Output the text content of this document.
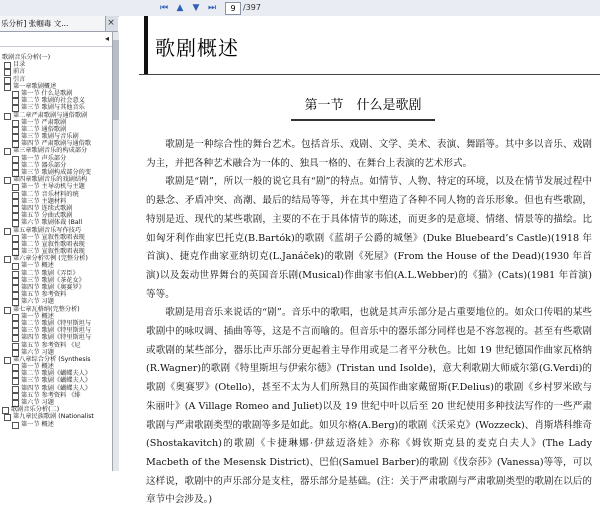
⏮ ▲ ▼ ⏭	9 /397
乐分析] 张帼毒 文...	×
◂
歌剧音乐分析(一)
目录
前言
引言
第一章歌剧概述
第一节 什么是歌剧
第二节 歌剧的社会意义
第三节 歌剧与其他音乐
第二章严肃歌剧与通俗歌剧
第一节 严肃歌剧
第二节 通俗歌剧
第三节 歌剧与音乐剧
第四节 严肃歌剧与通俗歌
第三章歌剧音乐的构成部分
第一节 声乐部分
第二节 器乐部分
第三节 歌剧构成部分的变
第四章歌剧音乐的戏剧结构
第一节 主导动机与主题
第二节 音乐材料的统
第三节 主题材料
第四节 连续式歌剧
第五节 分曲式歌剧
第六节 歌剧体裁 (Ball
第五章歌剧音乐写作技巧
第一节 宣叙性歌唱表现
第二节 宣叙性歌唱表现
第三节 宣叙性歌唱表现
第六章分析实例 (完整分析)
第一节 概述
第二节 歌剧《弄臣》
第三节 歌剧《茶花女》
第四节 歌剧《奥赛罗》
第五节 参考资料
第六节 习题
第七章瓦格纳(完整分析)
第一节 概述
第二节 歌剧《特里斯坦与
第三节 歌剧《特里斯坦与
第四节 歌剧《特里斯坦与
第五节 参考资料 《尼
第六节 习题
第八章综合分析 (Synthesis
第一节 概述
第二节 歌剧《蝴蝶夫人》
第三节 歌剧《蝴蝶夫人》
第四节 歌剧《蝴蝶夫人》
第五节 参考资料 《绯
第六节 习题
歌剧音乐分析(二)
第九章民族歌剧 (Nationalist
第一节 概述
歌剧概述
第一节　什么是歌剧

歌剧是一种综合性的舞台艺术。包括音乐、戏剧、文学、美术、表演、舞蹈等。其中多以音乐、戏剧为主，并把各种艺术融合为一体的、独具一格的、在舞台上表演的艺术形式。

歌剧是“剧”，所以一般的说它具有“剧”的特点。如情节、人物、特定的环境，以及在情节发展过程中的悬念、矛盾冲突、高潮、最后的结局等等，并在其中塑造了各种不同人物的音乐形象。但也有些歌剧，特别是近、现代的某些歌剧，主要的不在于具体情节的陈述，而更多的是意境、情绪、情景等的描绘。比如匈牙利作曲家巴托克(B.Bartók)的歌剧《蓝胡子公爵的城堡》(Duke Bluebeard’s Castle)(1918 年首演)、捷克作曲家亚纳切克(L.Janáček)的歌剧《死屋》(From the House of the Dead)(1930 年首演)以及轰动世界舞台的英国音乐剧(Musical)作曲家韦伯(A.L.Webber)的《猫》(Cats)(1981 年首演)等等。

歌剧是用音乐来说话的“剧”。音乐中的歌唱，也就是其声乐部分是占重要地位的。如众口传唱的某些歌剧中的咏叹调、插曲等等，这是不言而喻的。但音乐中的器乐部分同样也是不容忽视的。甚至有些歌剧或歌剧的某些部分，器乐比声乐部分更起着主导作用或是二者平分秋色。比如 19 世纪德国作曲家瓦格纳(R.Wagner)的歌剧《特里斯坦与伊索尔德》(Tristan und Isolde)，意大利歌剧大师威尔第(G.Verdi)的歌剧《奥赛罗》(Otello)，甚至不太为人们所熟目的英国作曲家戴留斯(F.Delius)的歌剧《乡村罗米欧与朱丽叶》(A Village Romeo and Juliet)以及 19 世纪中叶以后至 20 世纪使用多种技法写作的一些严肃歌剧与严肃歌剧类型的歌剧等多是如此。如贝尔格(A.Berg)的歌剧《沃采克》(Wozzeck)、肖斯塔科维奇(Shostakavitch)的歌剧《卡捷琳娜·伊兹迈洛娃》亦称《姆钦斯克县的麦克白夫人》(The Lady Macbeth of the Mesensk District)、巴伯(Samuel Barber)的歌剧《伐奈莎》(Vanessa)等等，可以这样说，歌剧中的声乐部分是支柱，器乐部分是基础。(注：关于严肃歌剧与严肃歌剧类型的歌剧在以后的章节中会涉及。)
